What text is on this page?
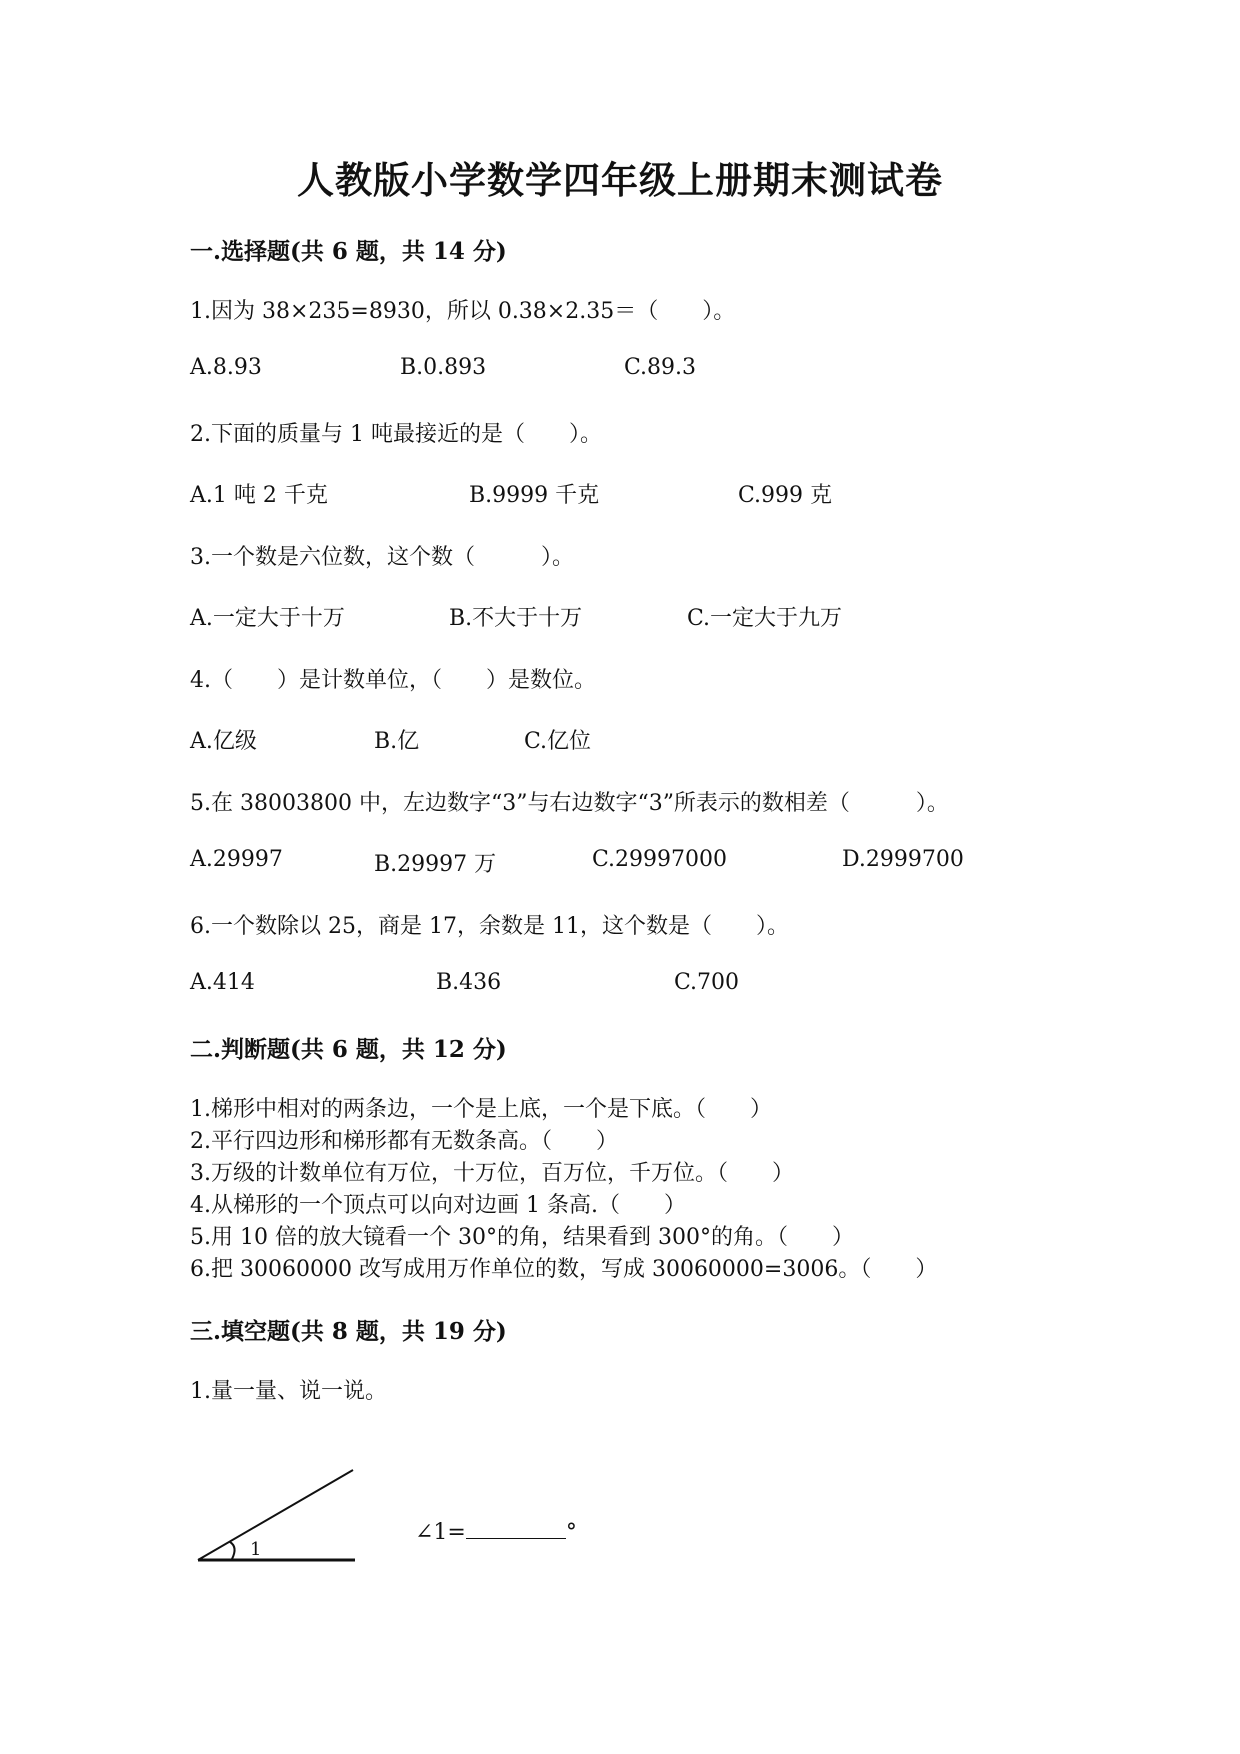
人教版小学数学四年级上册期末测试卷
一.选择题(共 6 题，共 14 分)
1.因为 38×235=8930，所以 0.38×2.35＝（　　）。
A.8.93	B.0.893	C.89.3
2.下面的质量与 1 吨最接近的是（　　）。
A.1 吨 2 千克	B.9999 千克	C.999 克
3.一个数是六位数，这个数（　　　）。
A.一定大于十万	B.不大于十万	C.一定大于九万
4.（　　）是计数单位，（　　）是数位。
A.亿级	B.亿	C.亿位
5.在 38003800 中，左边数字“3”与右边数字“3”所表示的数相差（　　　）。
A.29997	B.29997 万	C.29997000	D.2999700
6.一个数除以 25，商是 17，余数是 11，这个数是（　　）。
A.414	B.436	C.700
二.判断题(共 6 题，共 12 分)
1.梯形中相对的两条边，一个是上底，一个是下底。（　　）
2.平行四边形和梯形都有无数条高。（　　）
3.万级的计数单位有万位，十万位，百万位，千万位。（　　）
4.从梯形的一个顶点可以向对边画 1 条高.（　　）
5.用 10 倍的放大镜看一个 30°的角，结果看到 300°的角。（　　）
6.把 30060000 改写成用万作单位的数，写成 30060000=3006。（　　）
三.填空题(共 8 题，共 19 分)
1.量一量、说一说。
1
∠1=	°
